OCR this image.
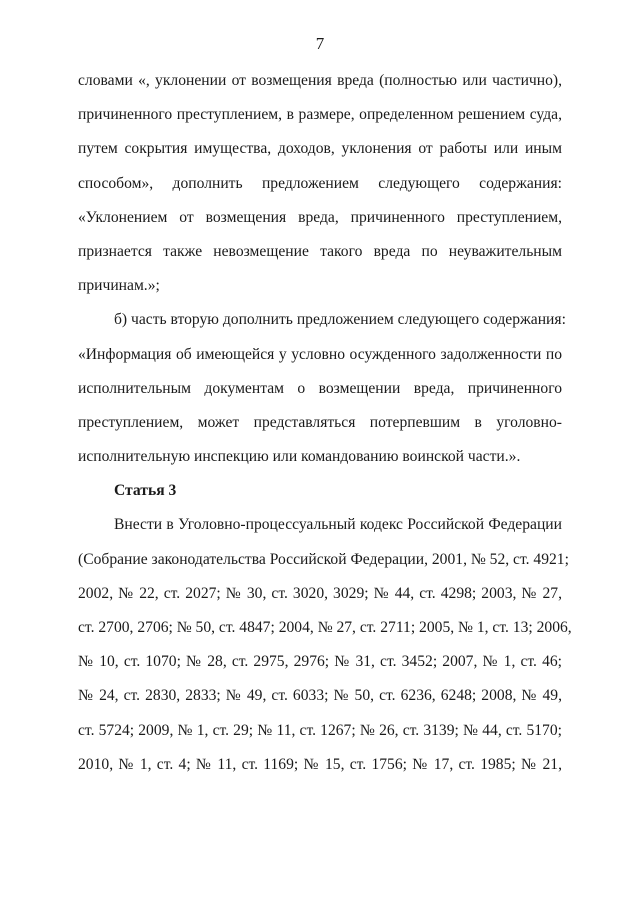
7
словами «, уклонении от возмещения вреда (полностью или частично),
причиненного преступлением, в размере, определенном решением суда,
путем сокрытия имущества, доходов, уклонения от работы или иным
способом», дополнить предложением следующего содержания:
«Уклонением от возмещения вреда, причиненного преступлением,
признается также невозмещение такого вреда по неуважительным
причинам.»;
б) часть вторую дополнить предложением следующего содержания:
«Информация об имеющейся у условно осужденного задолженности по
исполнительным документам о возмещении вреда, причиненного
преступлением, может представляться потерпевшим в уголовно-
исполнительную инспекцию или командованию воинской части.».
Статья 3
Внести в Уголовно-процессуальный кодекс Российской Федерации
(Собрание законодательства Российской Федерации, 2001, № 52, ст. 4921;
2002, № 22, ст. 2027; № 30, ст. 3020, 3029; № 44, ст. 4298; 2003, № 27,
ст. 2700, 2706; № 50, ст. 4847; 2004, № 27, ст. 2711; 2005, № 1, ст. 13; 2006,
№ 10, ст. 1070; № 28, ст. 2975, 2976; № 31, ст. 3452; 2007, № 1, ст. 46;
№ 24, ст. 2830, 2833; № 49, ст. 6033; № 50, ст. 6236, 6248; 2008, № 49,
ст. 5724; 2009, № 1, ст. 29; № 11, ст. 1267; № 26, ст. 3139; № 44, ст. 5170;
2010, № 1, ст. 4; № 11, ст. 1169; № 15, ст. 1756; № 17, ст. 1985; № 21,
